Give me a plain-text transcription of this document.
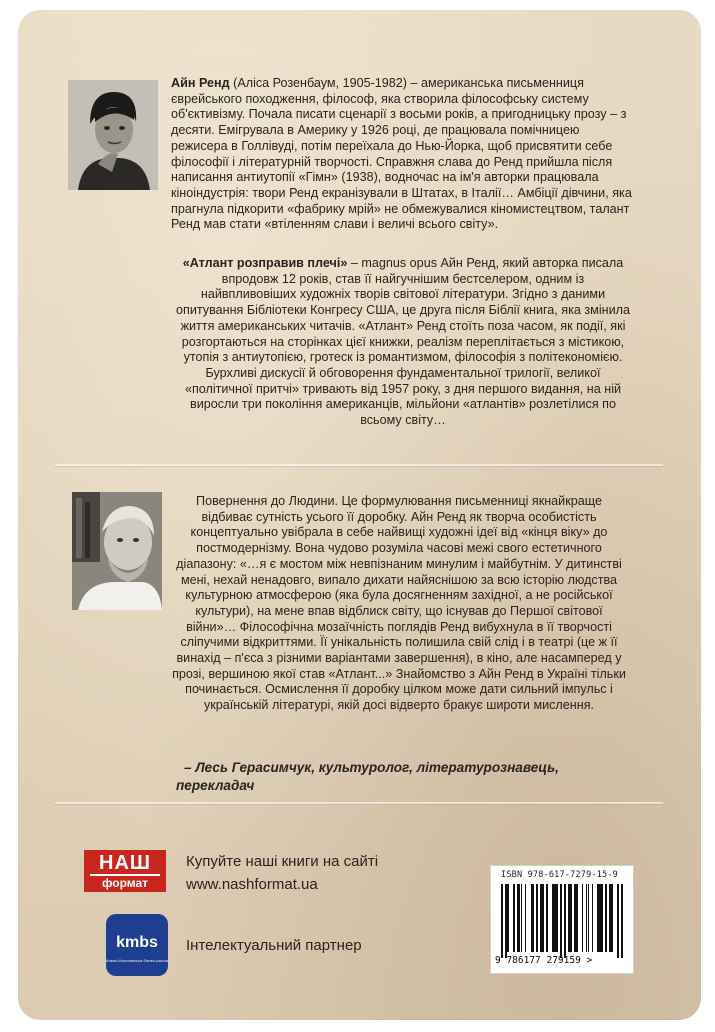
Айн Ренд (Аліса Розенбаум, 1905-1982) – американська письменниця єврейського походження, філософ, яка створила філософську систему об'єктивізму. Почала писати сценарії з восьми років, а пригодницьку прозу – з десяти. Емігрувала в Америку у 1926 році, де працювала помічницею режисера в Голлівуді, потім переїхала до Нью-Йорка, щоб присвятити себе філософії і літературній творчості. Справжня слава до Ренд прийшла після написання антиутопії «Гімн» (1938), водночас на ім'я авторки працювала кіноіндустрія: твори Ренд екранізували в Штатах, в Італії… Амбіції дівчини, яка прагнула підкорити «фабрику мрій» не обмежувалися кіномистецтвом, талант Ренд мав стати «втіленням слави і величі всього світу».
«Атлант розправив плечі» – magnus opus Айн Ренд, який авторка писала впродовж 12 років, став її найгучнішим бестселером, одним із найвпливовіших художніх творів світової літератури. Згідно з даними опитування Бібліотеки Конгресу США, це друга після Біблії книга, яка змінила життя американських читачів. «Атлант» Ренд стоїть поза часом, як події, які розгортаються на сторінках цієї книжки, реалізм переплітається з містикою, утопія з антиутопією, гротеск із романтизмом, філософія з політекономією. Бурхливі дискусії й обговорення фундаментальної трилогії, великої «політичної притчі» тривають від 1957 року, з дня першого видання, на ній виросли три покоління американців, мільйони «атлантів» розлетілися по всьому світу…
Повернення до Людини. Це формулювання письменниці якнайкраще відбиває сутність усього її доробку. Айн Ренд як творча особистість концептуально увібрала в себе найвищі художні ідеї від «кінця віку» до постмодернізму. Вона чудово розуміла часові межі свого естетичного діапазону: «…я є мостом між невпізнаним минулим і майбутнім. У дитинстві мені, нехай ненадовго, випало дихати найяснішою за всю історію людства культурною атмосферою (яка була досягненням західної, а не російської культури), на мене впав відблиск світу, що існував до Першої світової війни»… Філософічна мозаїчність поглядів Ренд вибухнула в її творчості сліпучими відкриттями. Її унікальність полишила свій слід і в театрі (це ж її винахід – п'єса з різними варіантами завершення), в кіно, але насамперед у прозі, вершиною якої став «Атлант...» Знайомство з Айн Ренд в Україні тільки починається. Осмислення її доробку цілком може дати сильний імпульс і українській літературі, якій досі відверто бракує широти мислення.
– Лесь Герасимчук, культуролог, літературознавець,
перекладач
НАШ
формат
Купуйте наші книги на сайті
www.nashformat.ua
kmbs
Києво-Могилянська бізнес-школа
Інтелектуальний партнер
ISBN 978-617-7279-15-9
9 786177 279159 >
